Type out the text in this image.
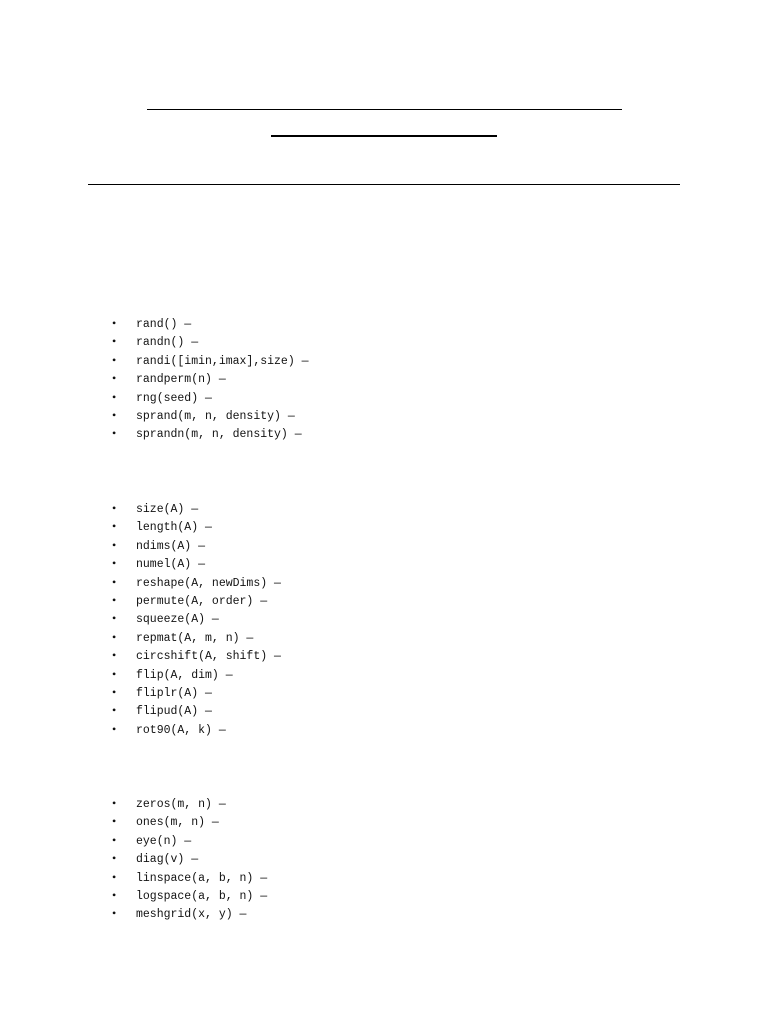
• rand() —
• randn() —
• randi([imin,imax],size) —
• randperm(n) —
• rng(seed) —
• sprand(m, n, density) —
• sprandn(m, n, density) —
• size(A) —
• length(A) —
• ndims(A) —
• numel(A) —
• reshape(A, newDims) —
• permute(A, order) —
• squeeze(A) —
• repmat(A, m, n) —
• circshift(A, shift) —
• flip(A, dim) —
• fliplr(A) —
• flipud(A) —
• rot90(A, k) —
• zeros(m, n) —
• ones(m, n) —
• eye(n) —
• diag(v) —
• linspace(a, b, n) —
• logspace(a, b, n) —
• meshgrid(x, y) —
